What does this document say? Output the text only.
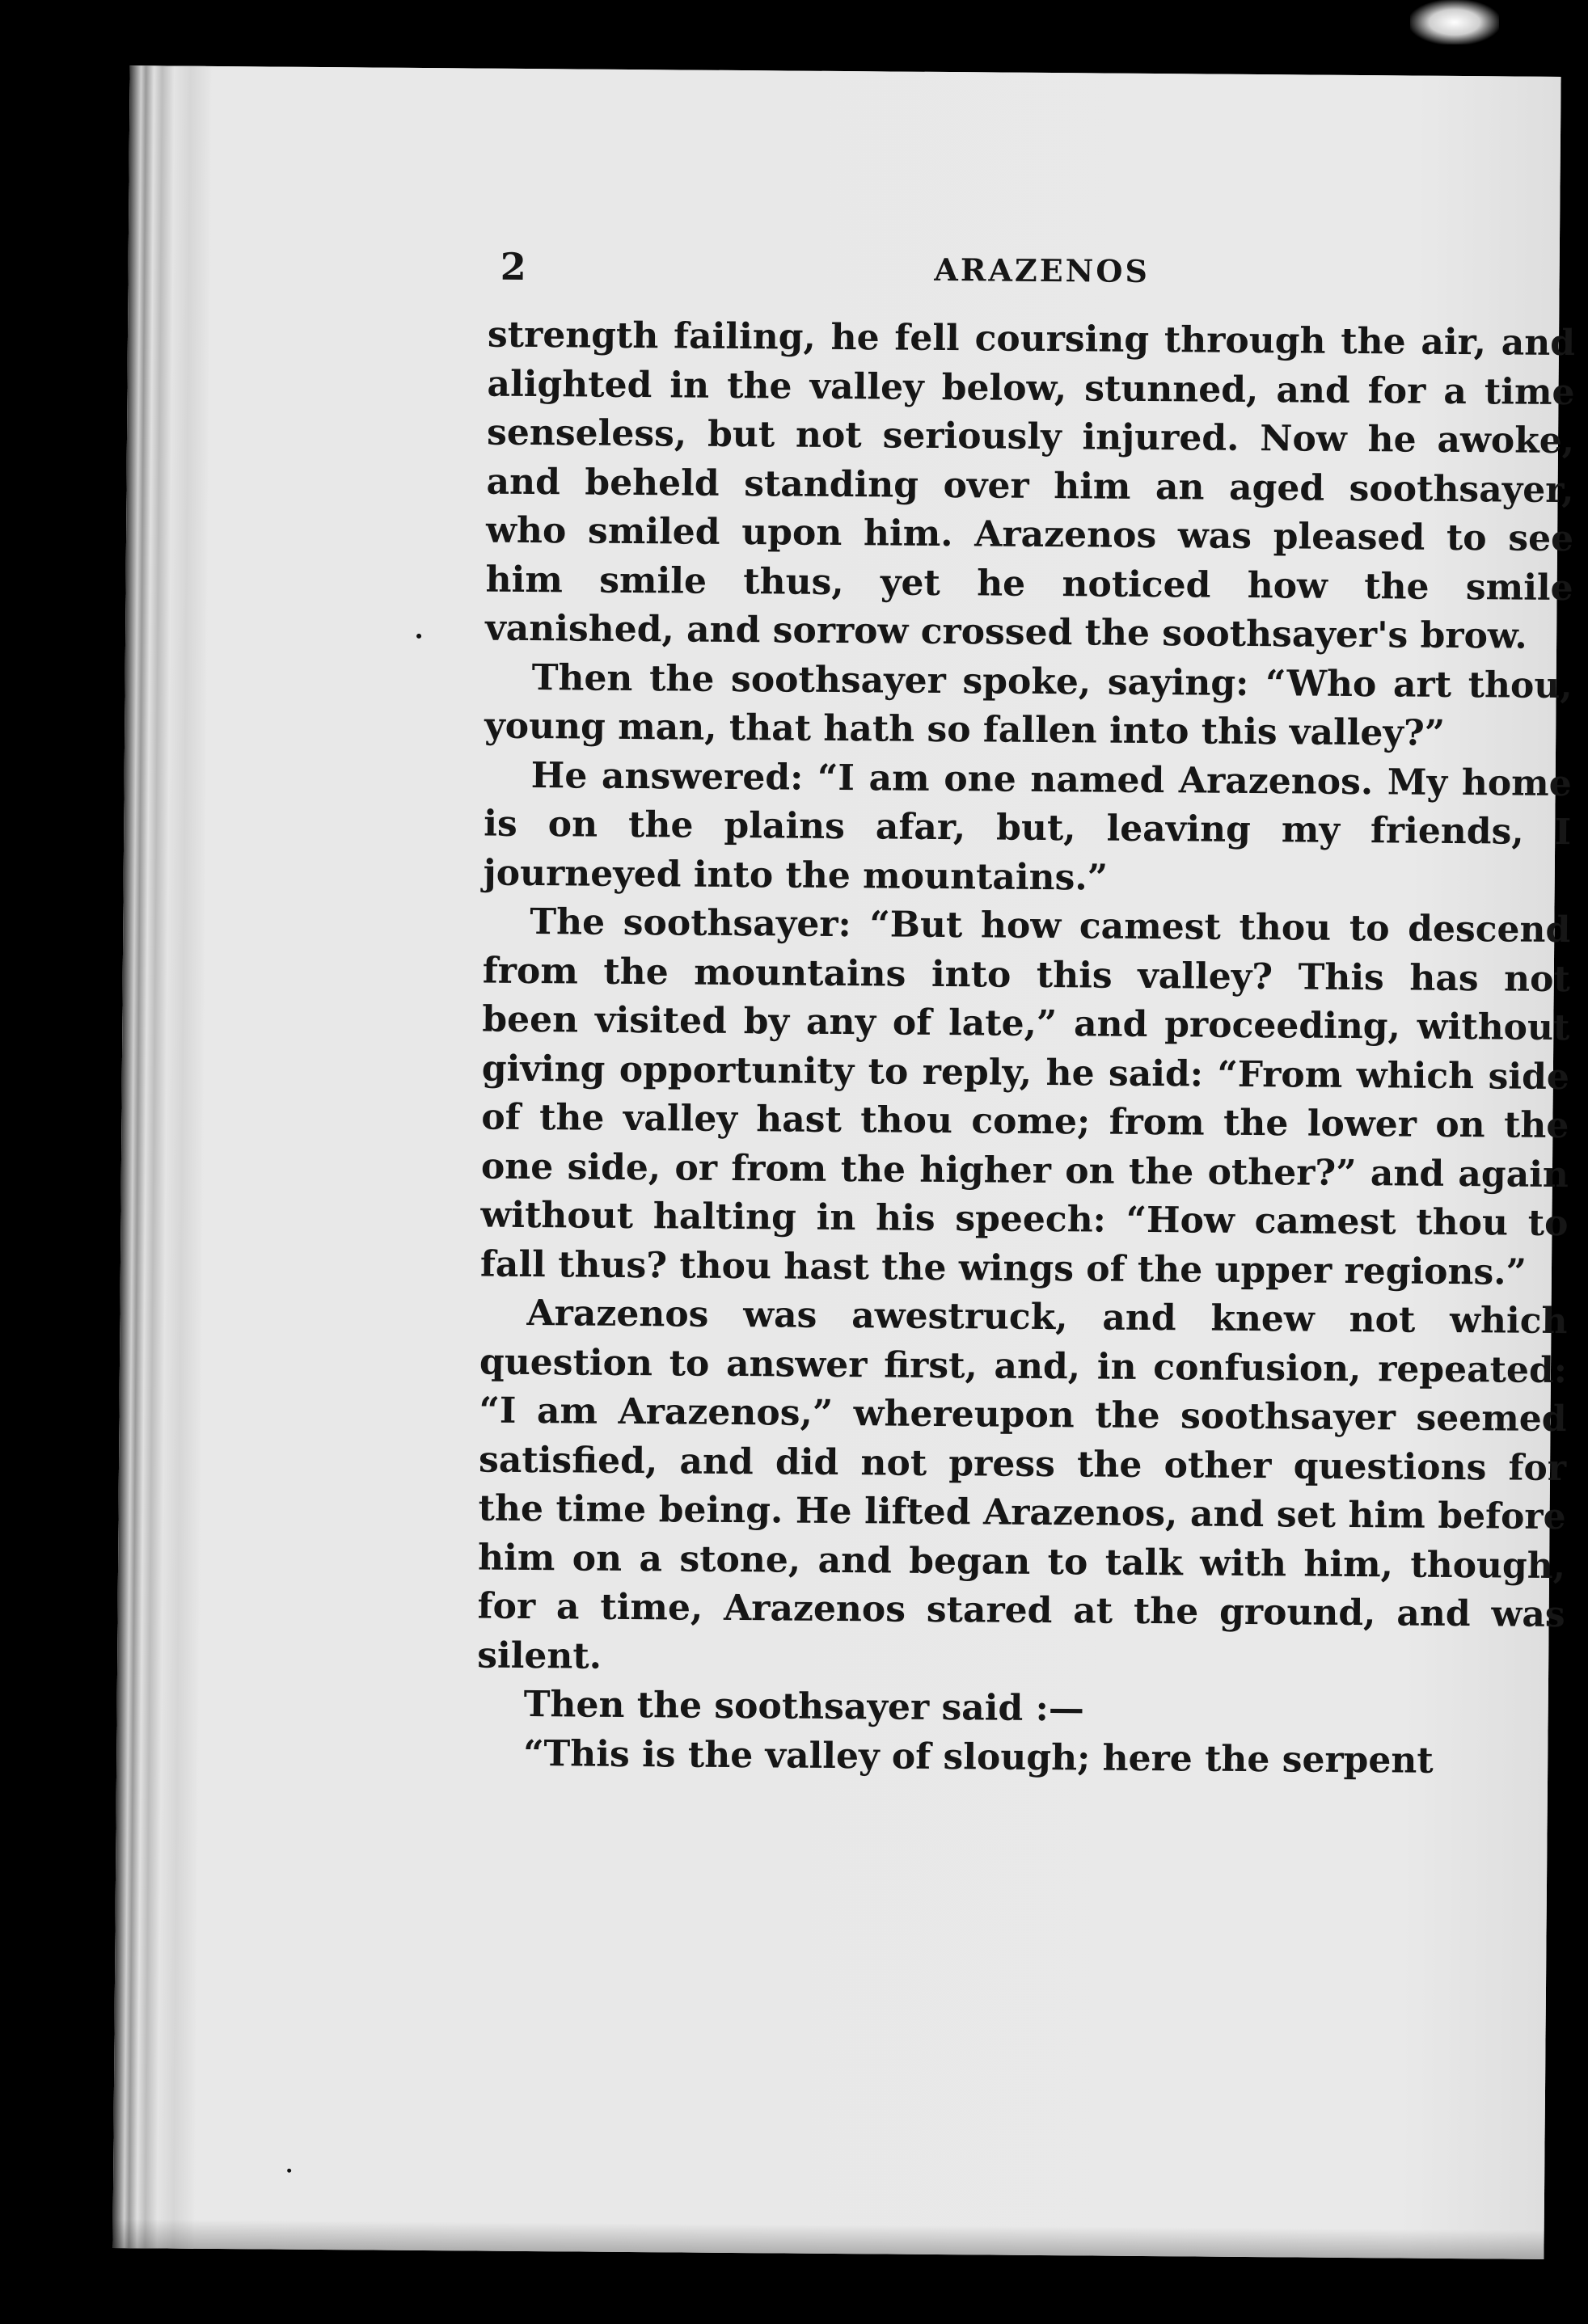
2	ARAZENOS

strength failing, he fell coursing through the air, and alighted in the valley below, stunned, and for a time senseless, but not seriously injured. Now he awoke, and beheld standing over him an aged soothsayer, who smiled upon him. Arazenos was pleased to see him smile thus, yet he noticed how the smile vanished, and sorrow crossed the soothsayer's brow.

Then the soothsayer spoke, saying: “Who art thou, young man, that hath so fallen into this valley?”

He answered: “I am one named Arazenos. My home is on the plains afar, but, leaving my friends, I journeyed into the mountains.”

The soothsayer: “But how camest thou to descend from the mountains into this valley? This has not been visited by any of late,” and proceeding, without giving opportunity to reply, he said: “From which side of the valley hast thou come; from the lower on the one side, or from the higher on the other?” and again without halting in his speech: “How camest thou to fall thus? thou hast the wings of the upper regions.”

Arazenos was awestruck, and knew not which question to answer first, and, in confusion, repeated: “I am Arazenos,” whereupon the soothsayer seemed satisfied, and did not press the other questions for the time being. He lifted Arazenos, and set him before him on a stone, and began to talk with him, though, for a time, Arazenos stared at the ground, and was silent.

Then the soothsayer said :—

“This is the valley of slough; here the serpent
